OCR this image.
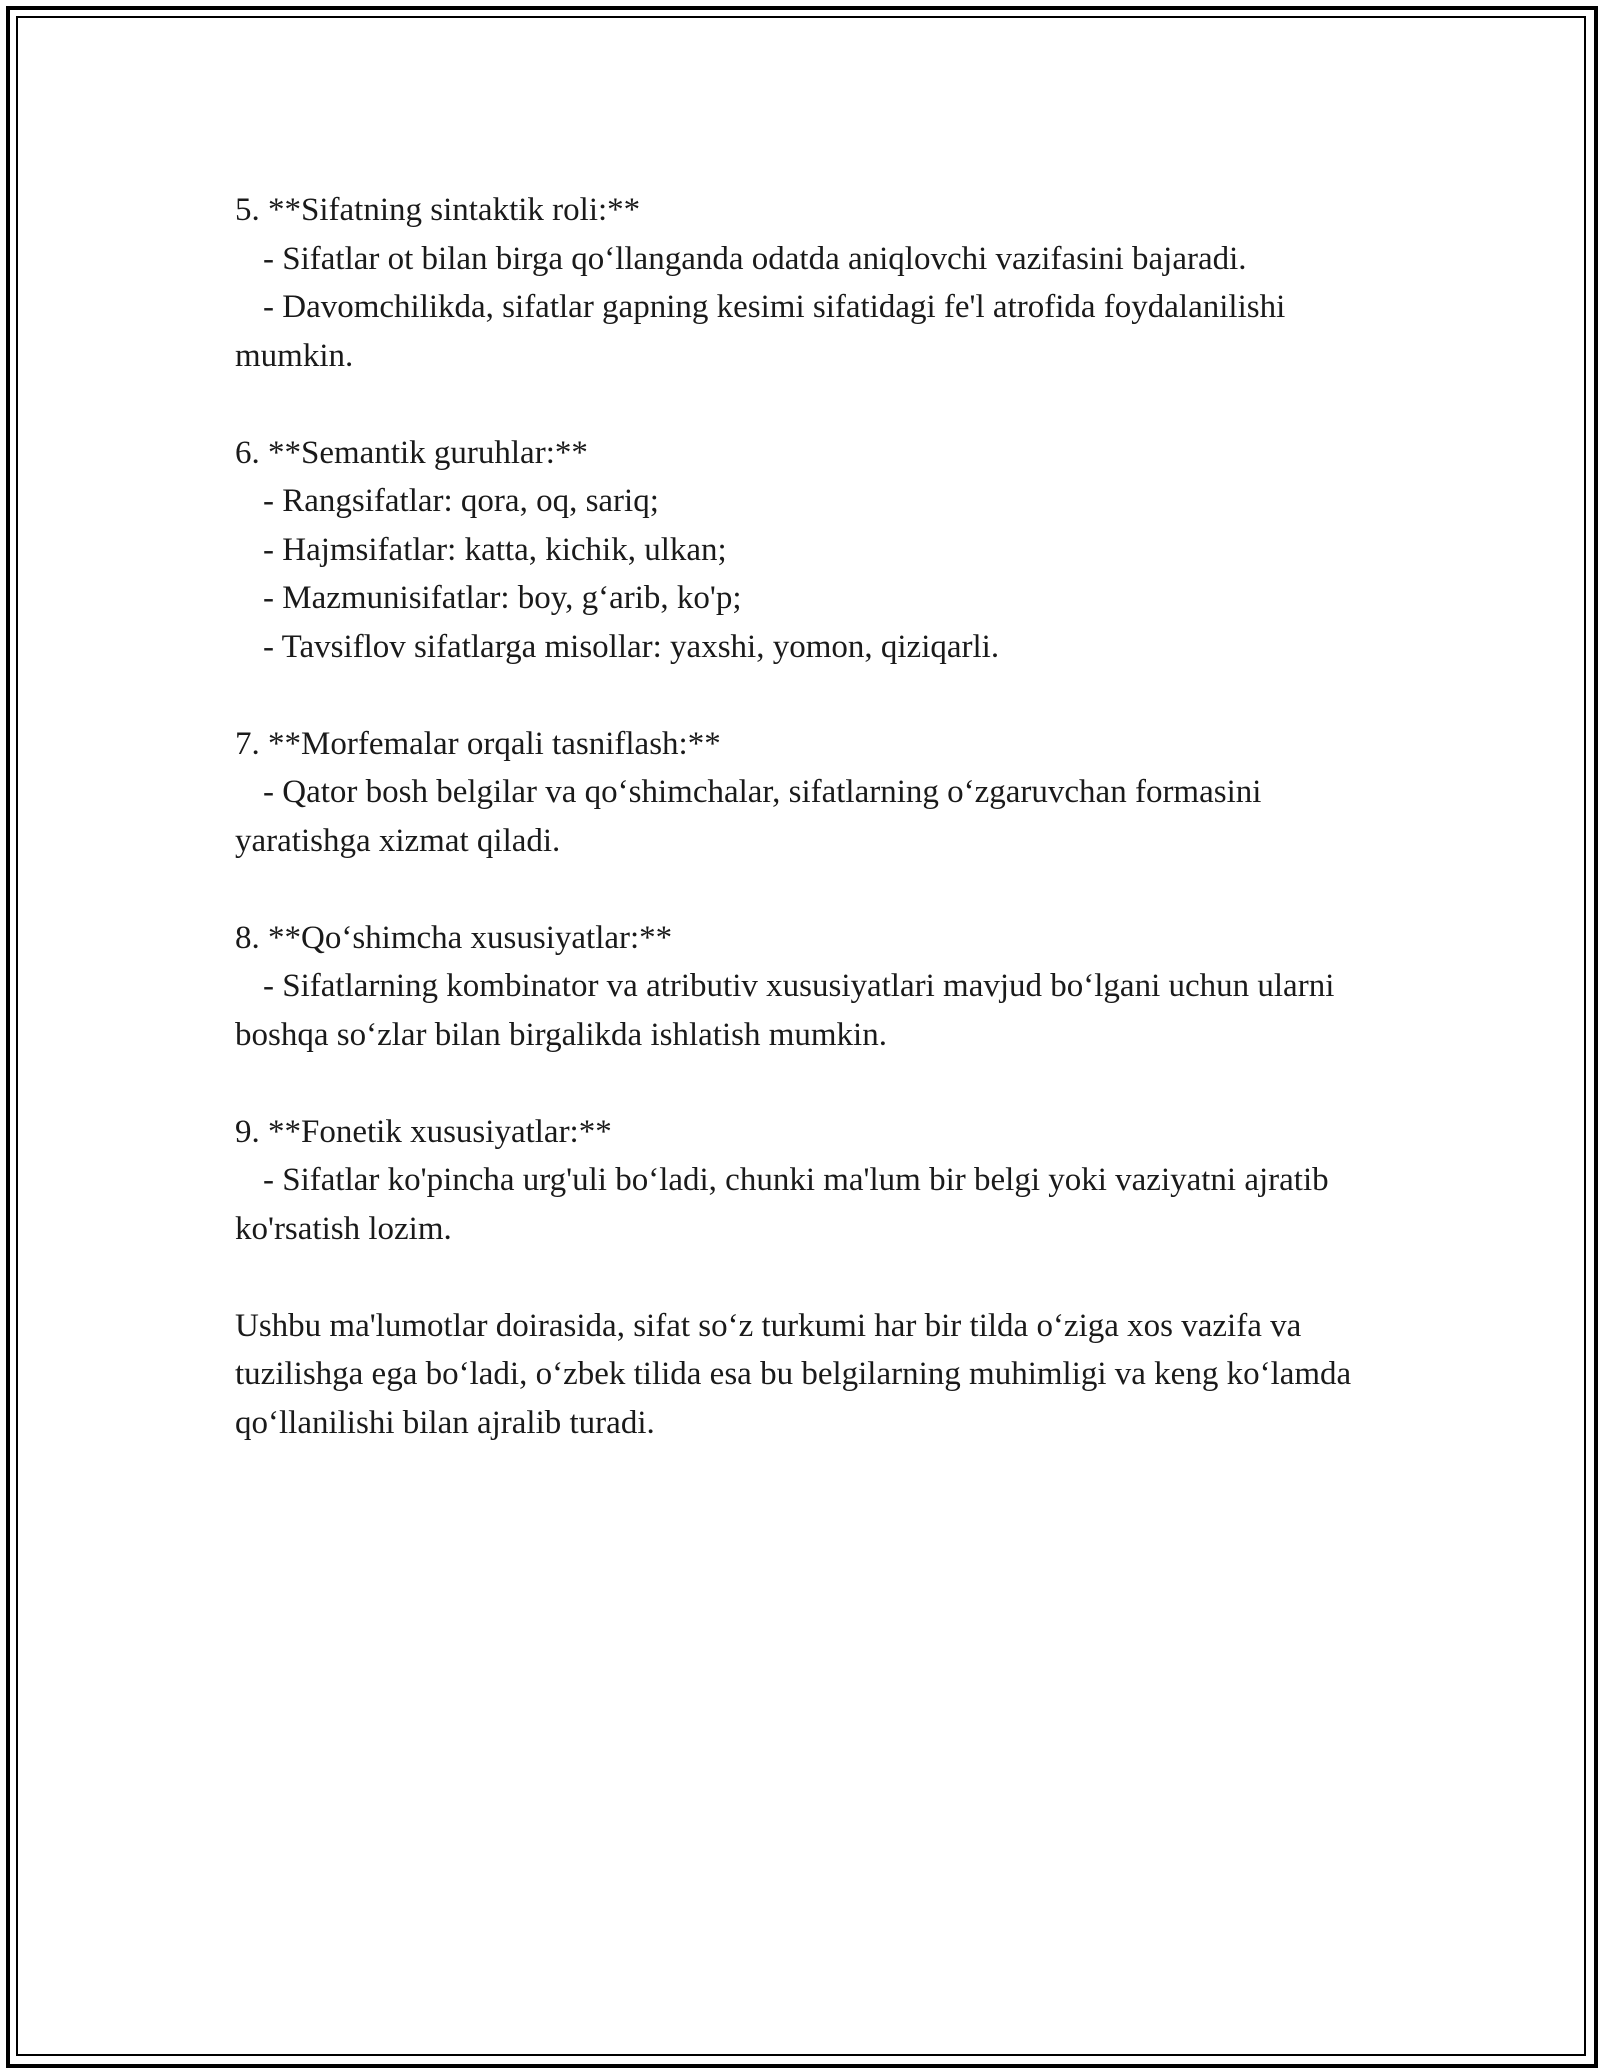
5. **Sifatning sintaktik roli:**
- Sifatlar ot bilan birga qo‘llanganda odatda aniqlovchi vazifasini bajaradi.
- Davomchilikda, sifatlar gapning kesimi sifatidagi fe'l atrofida foydalanilishi mumkin.
6. **Semantik guruhlar:**
- Rangsifatlar: qora, oq, sariq;
- Hajmsifatlar: katta, kichik, ulkan;
- Mazmunisifatlar: boy, g‘arib, ko'p;
- Tavsiflov sifatlarga misollar: yaxshi, yomon, qiziqarli.
7. **Morfemalar orqali tasniflash:**
- Qator bosh belgilar va qo‘shimchalar, sifatlarning o‘zgaruvchan formasini yaratishga xizmat qiladi.
8. **Qo‘shimcha xususiyatlar:**
- Sifatlarning kombinator va atributiv xususiyatlari mavjud bo‘lgani uchun ularni boshqa so‘zlar bilan birgalikda ishlatish mumkin.
9. **Fonetik xususiyatlar:**
- Sifatlar ko'pincha urg'uli bo‘ladi, chunki ma'lum bir belgi yoki vaziyatni ajratib ko'rsatish lozim.
Ushbu ma'lumotlar doirasida, sifat so‘z turkumi har bir tilda o‘ziga xos vazifa va tuzilishga ega bo‘ladi, o‘zbek tilida esa bu belgilarning muhimligi va keng ko‘lamda qo‘llanilishi bilan ajralib turadi.
